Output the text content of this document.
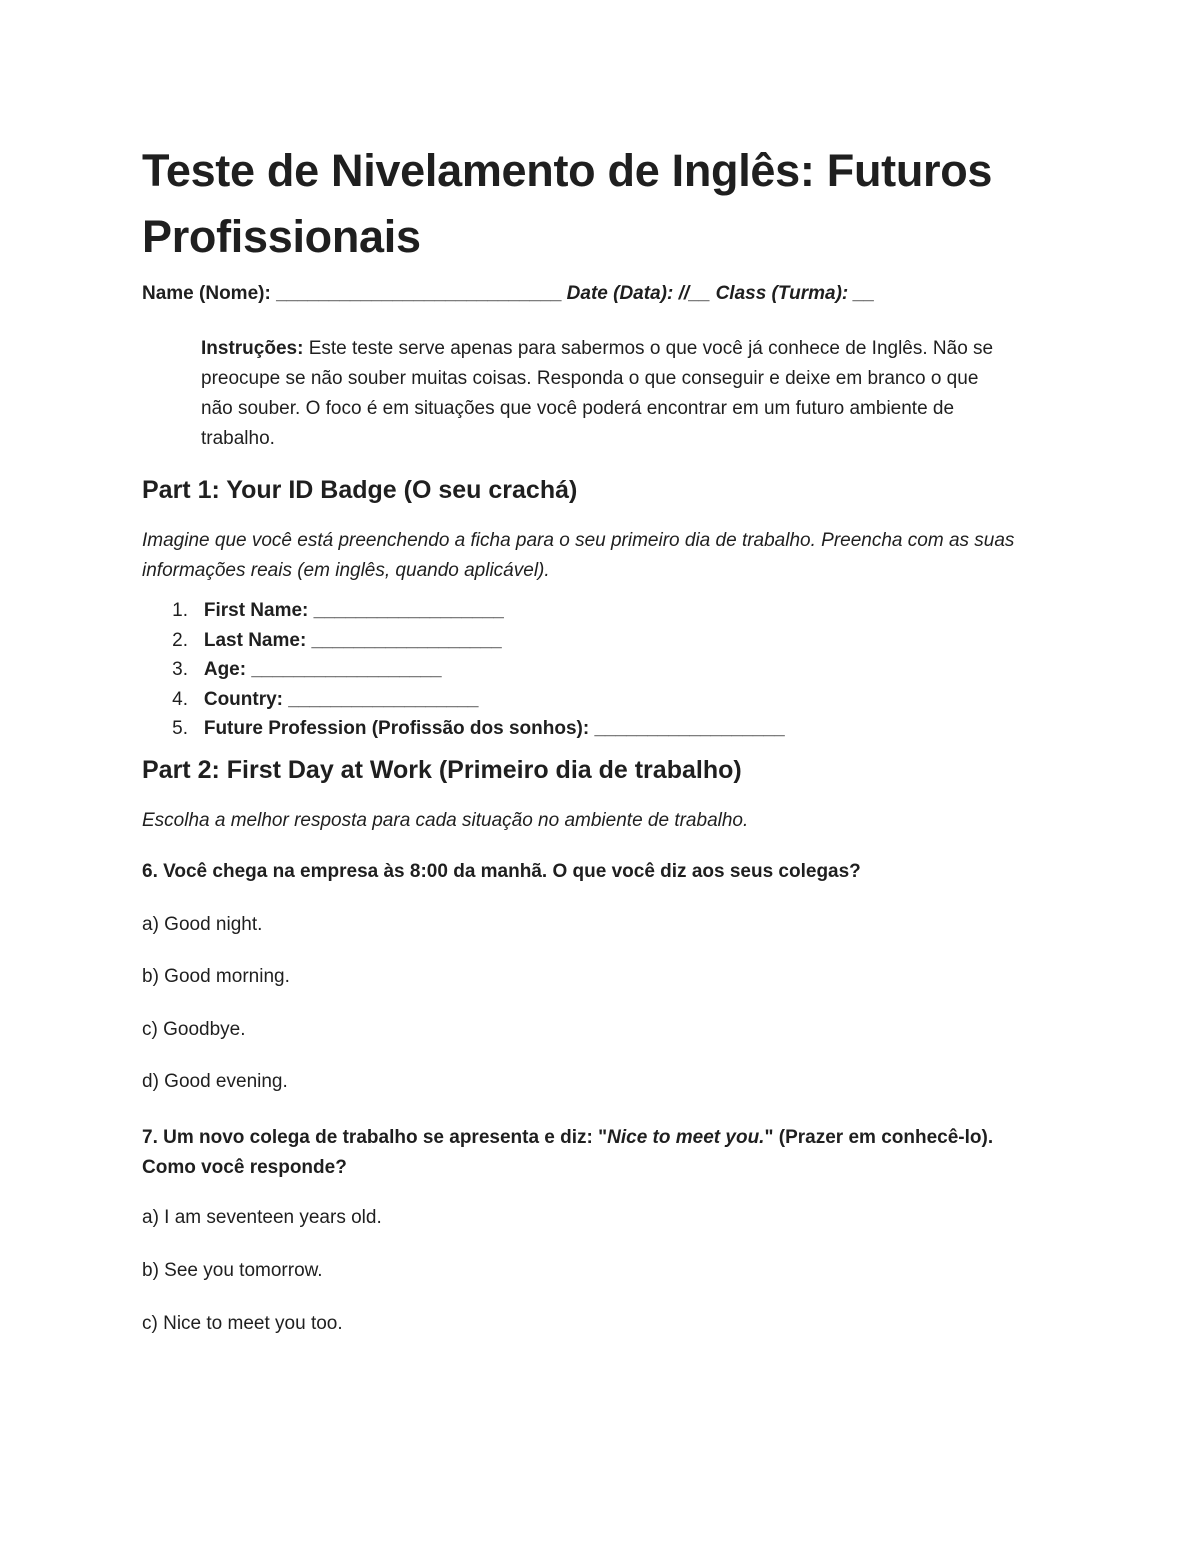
Teste de Nivelamento de Inglês: Futuros Profissionais
Name (Nome): ___________________________ Date (Data): //__ Class (Turma): __

Instruções: Este teste serve apenas para sabermos o que você já conhece de Inglês. Não se preocupe se não souber muitas coisas. Responda o que conseguir e deixe em branco o que não souber. O foco é em situações que você poderá encontrar em um futuro ambiente de trabalho.

Part 1: Your ID Badge (O seu crachá)

Imagine que você está preenchendo a ficha para o seu primeiro dia de trabalho. Preencha com as suas informações reais (em inglês, quando aplicável).

1. First Name: __________________
2. Last Name: __________________
3. Age: __________________
4. Country: __________________
5. Future Profession (Profissão dos sonhos): __________________
Part 2: First Day at Work (Primeiro dia de trabalho)

Escolha a melhor resposta para cada situação no ambiente de trabalho.

6. Você chega na empresa às 8:00 da manhã. O que você diz aos seus colegas?

a) Good night.

b) Good morning.

c) Goodbye.

d) Good evening.

7. Um novo colega de trabalho se apresenta e diz: "Nice to meet you." (Prazer em conhecê-lo). Como você responde?

a) I am seventeen years old.

b) See you tomorrow.

c) Nice to meet you too.
